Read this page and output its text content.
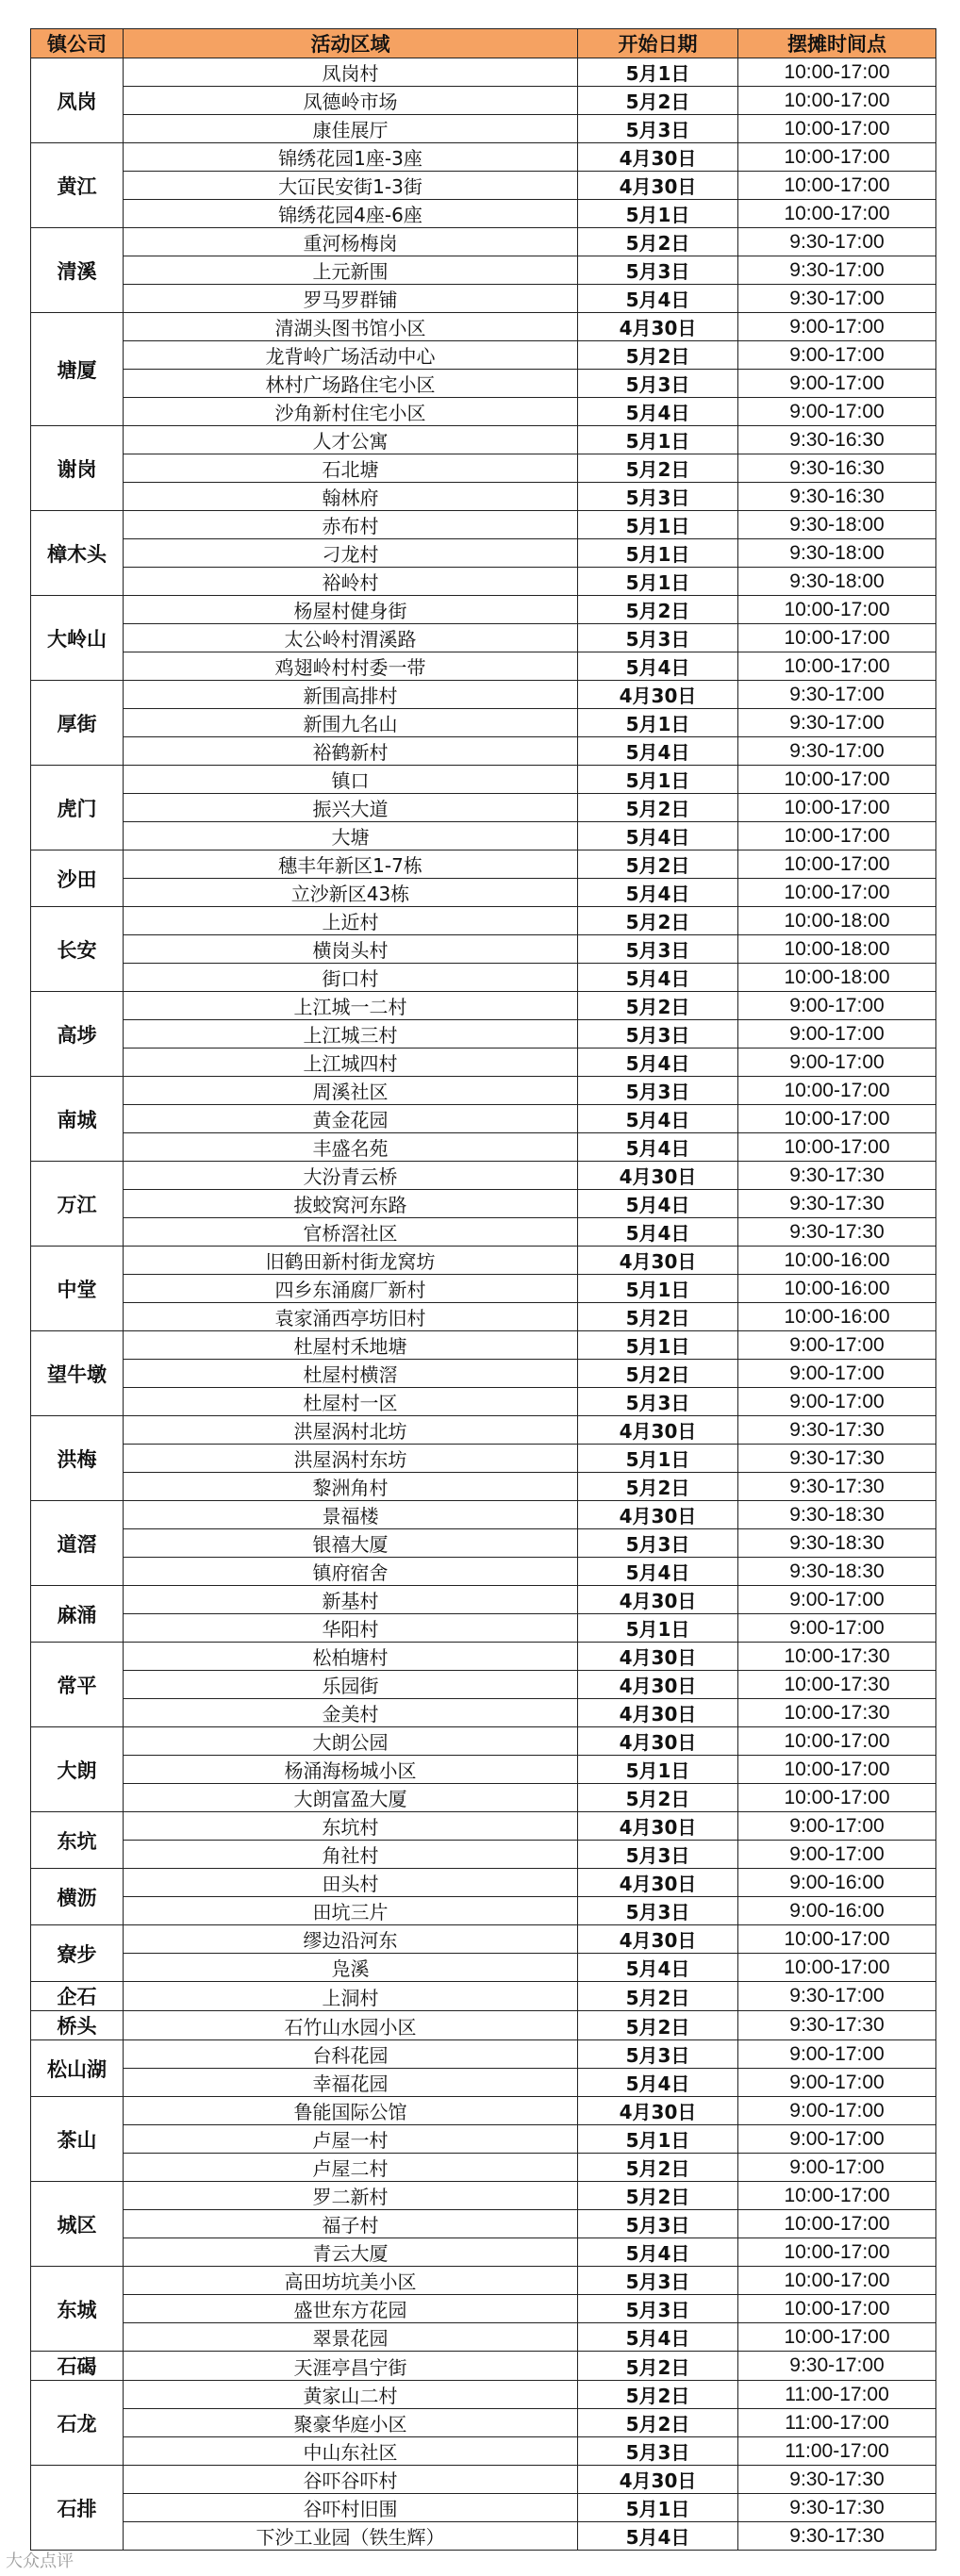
镇公司	活动区域	开始日期	摆摊时间点
凤岗	凤岗村	5月1日	10:00-17:00
	凤德岭市场	5月2日	10:00-17:00
	康佳展厅	5月3日	10:00-17:00
黄江	锦绣花园1座-3座	4月30日	10:00-17:00
	大冚民安街1-3街	4月30日	10:00-17:00
	锦绣花园4座-6座	5月1日	10:00-17:00
清溪	重河杨梅岗	5月2日	9:30-17:00
	上元新围	5月3日	9:30-17:00
	罗马罗群铺	5月4日	9:30-17:00
塘厦	清湖头图书馆小区	4月30日	9:00-17:00
	龙背岭广场活动中心	5月2日	9:00-17:00
	林村广场路住宅小区	5月3日	9:00-17:00
	沙角新村住宅小区	5月4日	9:00-17:00
谢岗	人才公寓	5月1日	9:30-16:30
	石北塘	5月2日	9:30-16:30
	翰林府	5月3日	9:30-16:30
樟木头	赤布村	5月1日	9:30-18:00
	刁龙村	5月1日	9:30-18:00
	裕岭村	5月1日	9:30-18:00
大岭山	杨屋村健身街	5月2日	10:00-17:00
	太公岭村渭溪路	5月3日	10:00-17:00
	鸡翅岭村村委一带	5月4日	10:00-17:00
厚街	新围高排村	4月30日	9:30-17:00
	新围九名山	5月1日	9:30-17:00
	裕鹤新村	5月4日	9:30-17:00
虎门	镇口	5月1日	10:00-17:00
	振兴大道	5月2日	10:00-17:00
	大塘	5月4日	10:00-17:00
沙田	穗丰年新区1-7栋	5月2日	10:00-17:00
	立沙新区43栋	5月4日	10:00-17:00
长安	上近村	5月2日	10:00-18:00
	横岗头村	5月3日	10:00-18:00
	街口村	5月4日	10:00-18:00
高埗	上江城一二村	5月2日	9:00-17:00
	上江城三村	5月3日	9:00-17:00
	上江城四村	5月4日	9:00-17:00
南城	周溪社区	5月3日	10:00-17:00
	黄金花园	5月4日	10:00-17:00
	丰盛名苑	5月4日	10:00-17:00
万江	大汾青云桥	4月30日	9:30-17:30
	拔蛟窝河东路	5月4日	9:30-17:30
	官桥滘社区	5月4日	9:30-17:30
中堂	旧鹤田新村街龙窝坊	4月30日	10:00-16:00
	四乡东涌腐厂新村	5月1日	10:00-16:00
	袁家涌西亭坊旧村	5月2日	10:00-16:00
望牛墩	杜屋村禾地塘	5月1日	9:00-17:00
	杜屋村横滘	5月2日	9:00-17:00
	杜屋村一区	5月3日	9:00-17:00
洪梅	洪屋涡村北坊	4月30日	9:30-17:30
	洪屋涡村东坊	5月1日	9:30-17:30
	黎洲角村	5月2日	9:30-17:30
道滘	景福楼	4月30日	9:30-18:30
	银禧大厦	5月3日	9:30-18:30
	镇府宿舍	5月4日	9:30-18:30
麻涌	新基村	4月30日	9:00-17:00
	华阳村	5月1日	9:00-17:00
常平	松柏塘村	4月30日	10:00-17:30
	乐园街	4月30日	10:00-17:30
	金美村	4月30日	10:00-17:30
大朗	大朗公园	4月30日	10:00-17:00
	杨涌海杨城小区	5月1日	10:00-17:00
	大朗富盈大厦	5月2日	10:00-17:00
东坑	东坑村	4月30日	9:00-17:00
	角社村	5月3日	9:00-17:00
横沥	田头村	4月30日	9:00-16:00
	田坑三片	5月3日	9:00-16:00
寮步	缪边沿河东	4月30日	10:00-17:00
	凫溪	5月4日	10:00-17:00
企石	上洞村	5月2日	9:30-17:00
桥头	石竹山水园小区	5月2日	9:30-17:30
松山湖	台科花园	5月3日	9:00-17:00
	幸福花园	5月4日	9:00-17:00
茶山	鲁能国际公馆	4月30日	9:00-17:00
	卢屋一村	5月1日	9:00-17:00
	卢屋二村	5月2日	9:00-17:00
城区	罗二新村	5月2日	10:00-17:00
	福子村	5月3日	10:00-17:00
	青云大厦	5月4日	10:00-17:00
东城	高田坊坑美小区	5月3日	10:00-17:00
	盛世东方花园	5月3日	10:00-17:00
	翠景花园	5月4日	10:00-17:00
石碣	天涯亭昌宁街	5月2日	9:30-17:00
石龙	黄家山二村	5月2日	11:00-17:00
	聚豪华庭小区	5月2日	11:00-17:00
	中山东社区	5月3日	11:00-17:00
石排	谷吓谷吓村	4月30日	9:30-17:30
	谷吓村旧围	5月1日	9:30-17:30
	下沙工业园（铁生辉）	5月4日	9:30-17:30
大众点评
